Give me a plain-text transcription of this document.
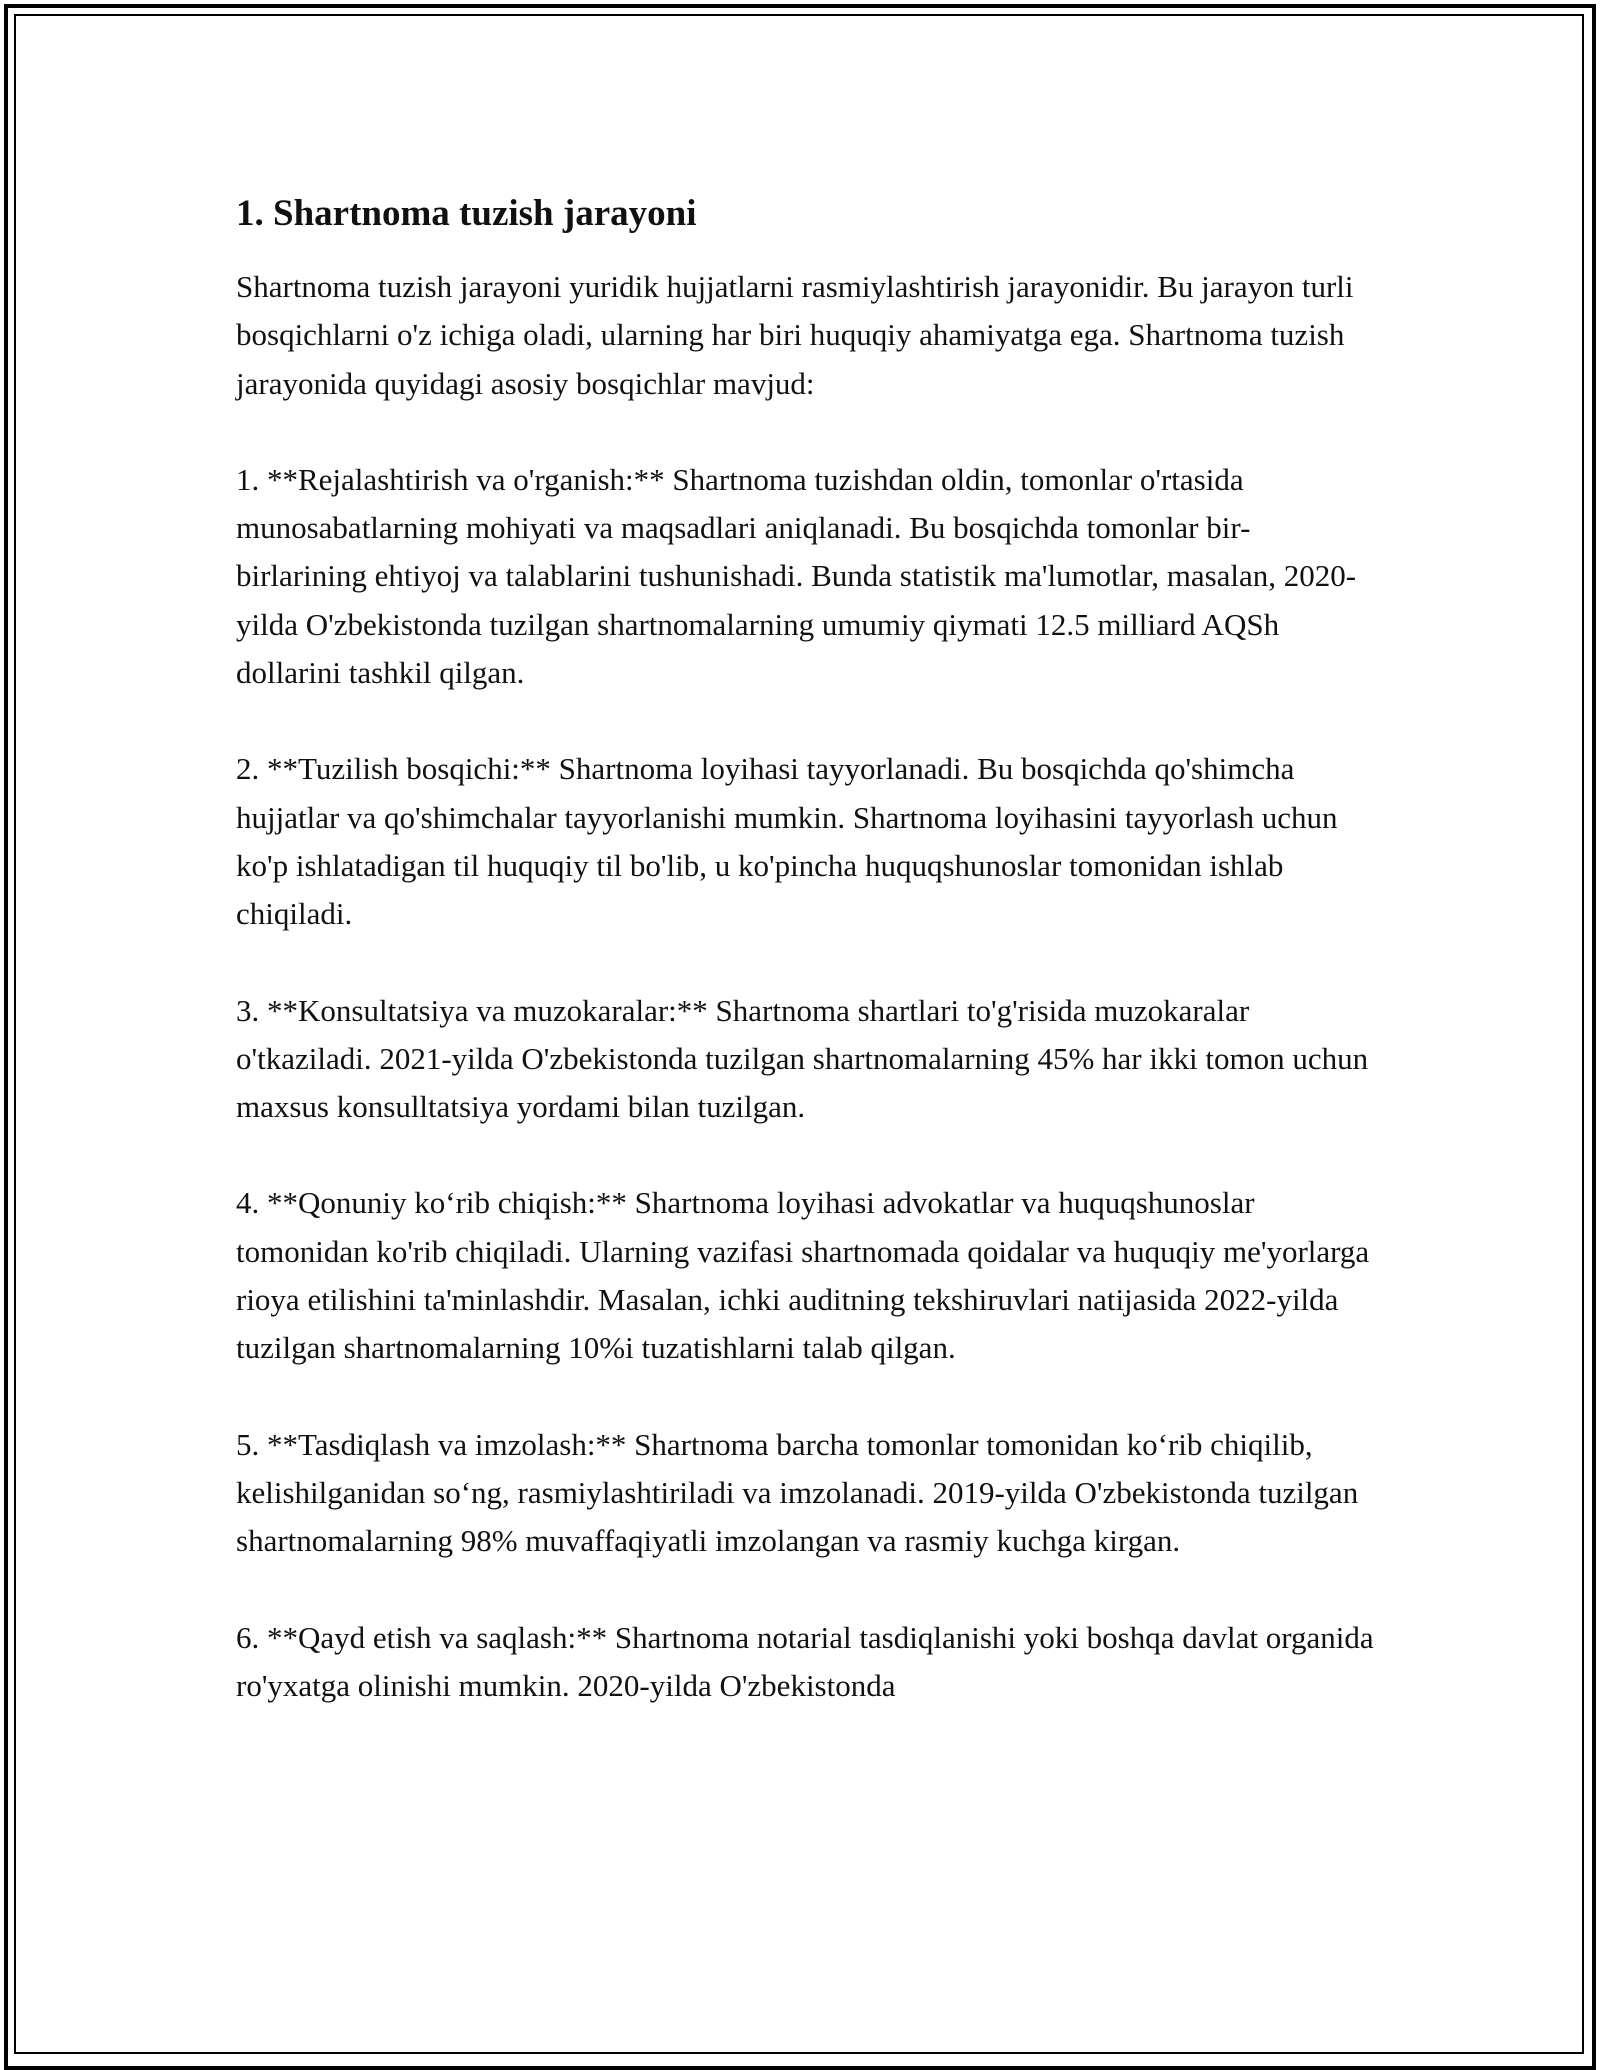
1. Shartnoma tuzish jarayoni

Shartnoma tuzish jarayoni yuridik hujjatlarni rasmiylashtirish jarayonidir. Bu jarayon turli bosqichlarni o'z ichiga oladi, ularning har biri huquqiy ahamiyatga ega. Shartnoma tuzish jarayonida quyidagi asosiy bosqichlar mavjud:

1. **Rejalashtirish va o'rganish:** Shartnoma tuzishdan oldin, tomonlar o'rtasida munosabatlarning mohiyati va maqsadlari aniqlanadi. Bu bosqichda tomonlar bir-birlarining ehtiyoj va talablarini tushunishadi. Bunda statistik ma'lumotlar, masalan, 2020-yilda O'zbekistonda tuzilgan shartnomalarning umumiy qiymati 12.5 milliard AQSh dollarini tashkil qilgan.

2. **Tuzilish bosqichi:** Shartnoma loyihasi tayyorlanadi. Bu bosqichda qo'shimcha hujjatlar va qo'shimchalar tayyorlanishi mumkin. Shartnoma loyihasini tayyorlash uchun ko'p ishlatadigan til huquqiy til bo'lib, u ko'pincha huquqshunoslar tomonidan ishlab chiqiladi.

3. **Konsultatsiya va muzokaralar:** Shartnoma shartlari to'g'risida muzokaralar o'tkaziladi. 2021-yilda O'zbekistonda tuzilgan shartnomalarning 45% har ikki tomon uchun maxsus konsulltatsiya yordami bilan tuzilgan.

4. **Qonuniy ko‘rib chiqish:** Shartnoma loyihasi advokatlar va huquqshunoslar tomonidan ko'rib chiqiladi. Ularning vazifasi shartnomada qoidalar va huquqiy me'yorlarga rioya etilishini ta'minlashdir. Masalan, ichki auditning tekshiruvlari natijasida 2022-yilda tuzilgan shartnomalarning 10%i tuzatishlarni talab qilgan.

5. **Tasdiqlash va imzolash:** Shartnoma barcha tomonlar tomonidan ko‘rib chiqilib, kelishilganidan so‘ng, rasmiylashtiriladi va imzolanadi. 2019-yilda O'zbekistonda tuzilgan shartnomalarning 98% muvaffaqiyatli imzolangan va rasmiy kuchga kirgan.

6. **Qayd etish va saqlash:** Shartnoma notarial tasdiqlanishi yoki boshqa davlat organida ro'yxatga olinishi mumkin. 2020-yilda O'zbekistonda
